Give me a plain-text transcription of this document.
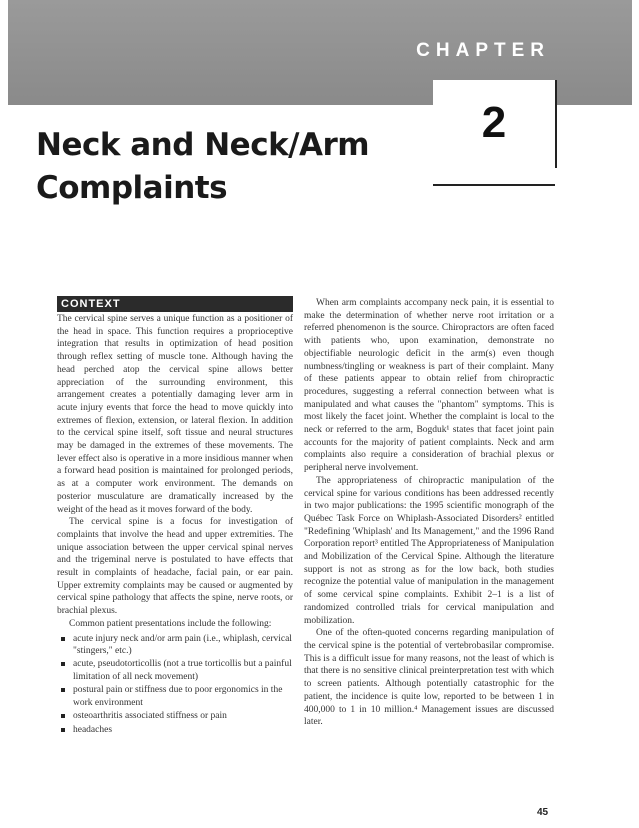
CHAPTER
2
Neck and Neck/Arm
Complaints
CONTEXT

The cervical spine serves a unique function as a positioner of the head in space. This function requires a proprioceptive integration that results in optimization of head position through reflex setting of muscle tone. Although having the head perched atop the cervical spine allows better appreciation of the surrounding environment, this arrangement creates a potentially damaging lever arm in acute injury events that force the head to move quickly into extremes of flexion, extension, or lateral flexion. In addition to the cervical spine itself, soft tissue and neural structures may be damaged in the extremes of these movements. The lever effect also is operative in a more insidious manner when a forward head position is maintained for prolonged periods, as at a computer work environment. The demands on posterior musculature are dramatically increased by the weight of the head as it moves forward of the body.

The cervical spine is a focus for investigation of complaints that involve the head and upper extremities. The unique association between the upper cervical spinal nerves and the trigeminal nerve is postulated to have effects that result in complaints of headache, facial pain, or ear pain. Upper extremity complaints may be caused or augmented by cervical spine pathology that affects the spine, nerve roots, or brachial plexus.

Common patient presentations include the following:

acute injury neck and/or arm pain (i.e., whiplash, cervical "stingers," etc.)
acute, pseudotorticollis (not a true torticollis but a painful limitation of all neck movement)
postural pain or stiffness due to poor ergonomics in the work environment
osteoarthritis associated stiffness or pain
headaches

When arm complaints accompany neck pain, it is essential to make the determination of whether nerve root irritation or a referred phenomenon is the source. Chiropractors are often faced with patients who, upon examination, demonstrate no objectifiable neurologic deficit in the arm(s) even though numbness/tingling or weakness is part of their complaint. Many of these patients appear to obtain relief from chiropractic procedures, suggesting a referral connection between what is manipulated and what causes the "phantom" symptoms. This is most likely the facet joint. Whether the complaint is local to the neck or referred to the arm, Bogduk¹ states that facet joint pain accounts for the majority of patient complaints. Neck and arm complaints also require a consideration of brachial plexus or peripheral nerve involvement.

The appropriateness of chiropractic manipulation of the cervical spine for various conditions has been addressed recently in two major publications: the 1995 scientific monograph of the Québec Task Force on Whiplash-Associated Disorders² entitled "Redefining 'Whiplash' and Its Management," and the 1996 Rand Corporation report³ entitled The Appropriateness of Manipulation and Mobilization of the Cervical Spine. Although the literature support is not as strong as for the low back, both studies recognize the potential value of manipulation in the management of some cervical spine complaints. Exhibit 2–1 is a list of randomized controlled trials for cervical manipulation and mobilization.

One of the often-quoted concerns regarding manipulation of the cervical spine is the potential of vertebrobasilar compromise. This is a difficult issue for many reasons, not the least of which is that there is no sensitive clinical preinterpretation test with which to screen patients. Although potentially catastrophic for the patient, the incidence is quite low, reported to be between 1 in 400,000 to 1 in 10 million.⁴ Management issues are discussed later.

45
